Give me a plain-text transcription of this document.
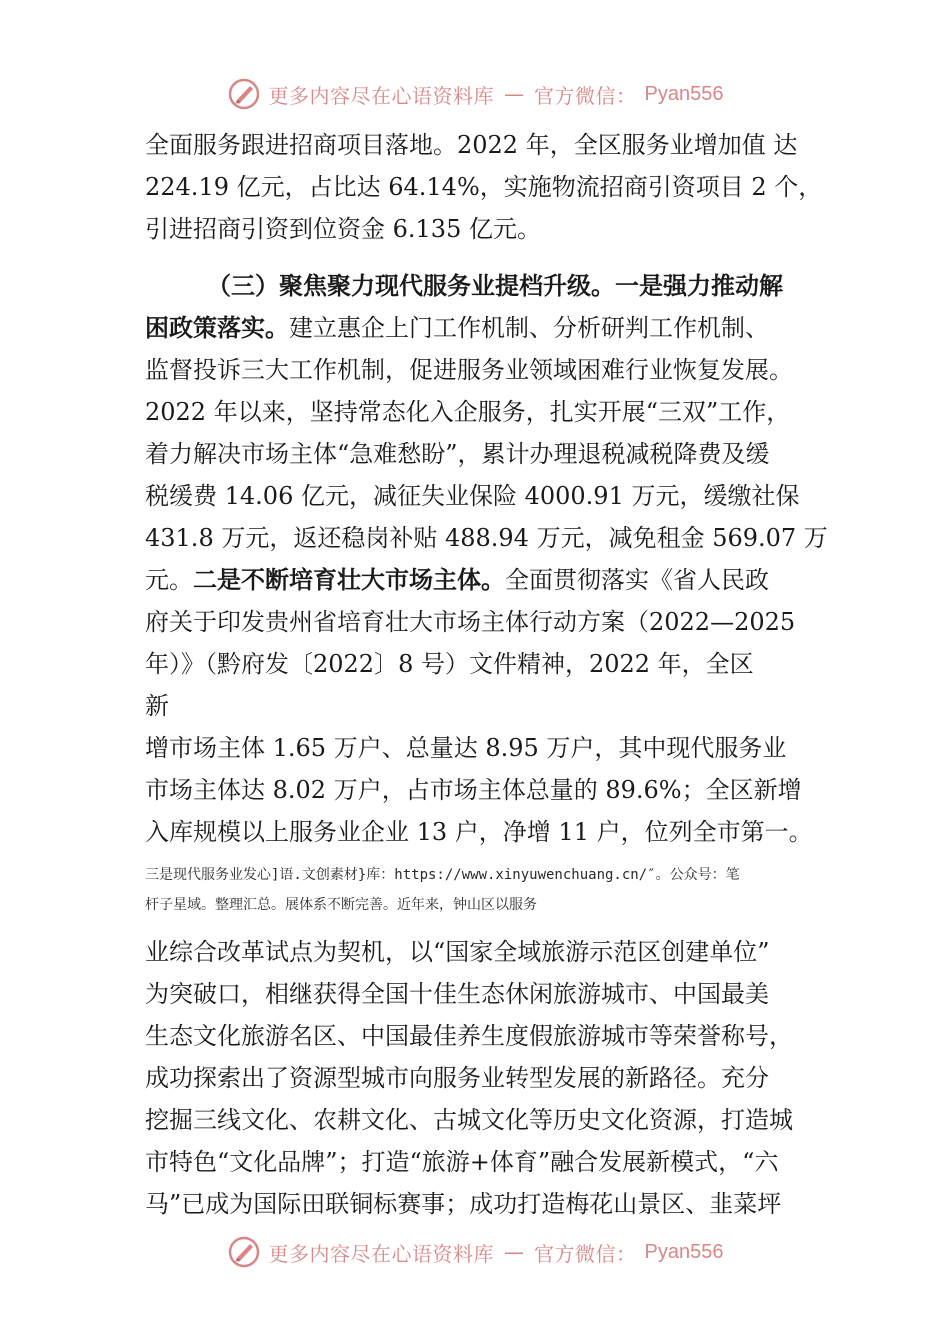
更多内容尽在心语资料库 — 官方微信： Pyan556
全面服务跟进招商项目落地。2022 年，全区服务业增加值 达
224.19 亿元，占比达 64.14%，实施物流招商引资项目 2 个，
引进招商引资到位资金 6.135 亿元。
（三）聚焦聚力现代服务业提档升级。一是强力推动解
困政策落实。建立惠企上门工作机制、分析研判工作机制、
监督投诉三大工作机制，促进服务业领域困难行业恢复发展。
2022 年以来，坚持常态化入企服务，扎实开展“三双”工作，
着力解决市场主体“急难愁盼”，累计办理退税减税降费及缓
税缓费 14.06 亿元，减征失业保险 4000.91 万元，缓缴社保
431.8 万元，返还稳岗补贴 488.94 万元，减免租金 569.07 万
元。二是不断培育壮大市场主体。全面贯彻落实《省人民政
府关于印发贵州省培育壮大市场主体行动方案（2022—2025
年）》（黔府发〔2022〕8 号）文件精神，2022 年，全区
新
增市场主体 1.65 万户、总量达 8.95 万户，其中现代服务业
市场主体达 8.02 万户，占市场主体总量的 89.6%；全区新增
入库规模以上服务业企业 13 户，净增 11 户，位列全市第一。
三是现代服务业发心]语.文创素材}库：https://www.xinyuwenchuang.cn/″。公众号：笔
杆子星域。整理汇总。展体系不断完善。近年来，钟山区以服务
业综合改革试点为契机，以“国家全域旅游示范区创建单位”
为突破口，相继获得全国十佳生态休闲旅游城市、中国最美
生态文化旅游名区、中国最佳养生度假旅游城市等荣誉称号，
成功探索出了资源型城市向服务业转型发展的新路径。充分
挖掘三线文化、农耕文化、古城文化等历史文化资源，打造城
市特色“文化品牌”；打造“旅游+体育”融合发展新模式，“六
马”已成为国际田联铜标赛事；成功打造梅花山景区、韭菜坪
更多内容尽在心语资料库 — 官方微信： Pyan556
